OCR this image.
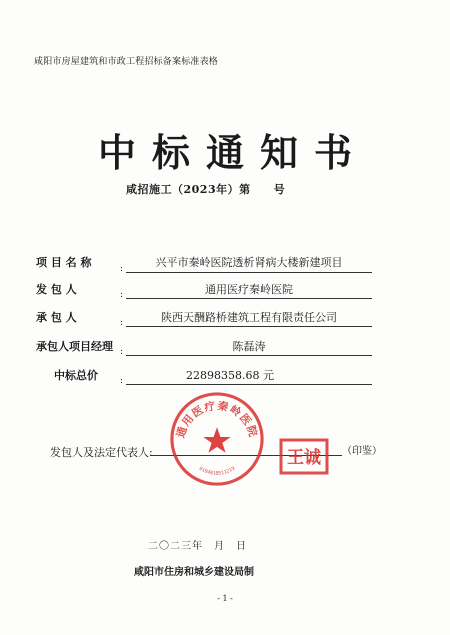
咸阳市房屋建筑和市政工程招标备案标准表格
中标通知书
咸招施工（2023年）第　　号
项 目 名 称	:	兴平市秦岭医院透析肾病大楼新建项目
发 包 人	:	通用医疗秦岭医院
承 包 人	:	陕西天酬路桥建筑工程有限责任公司
承包人项目经理 :	陈磊涛
中标总价 :	22898358.68 元
发包人及法定代表人:	（印鉴）
通用医疗秦岭医院
6104810511219
王诚
二〇二三年　月　日
咸阳市住房和城乡建设局制
- 1 -
